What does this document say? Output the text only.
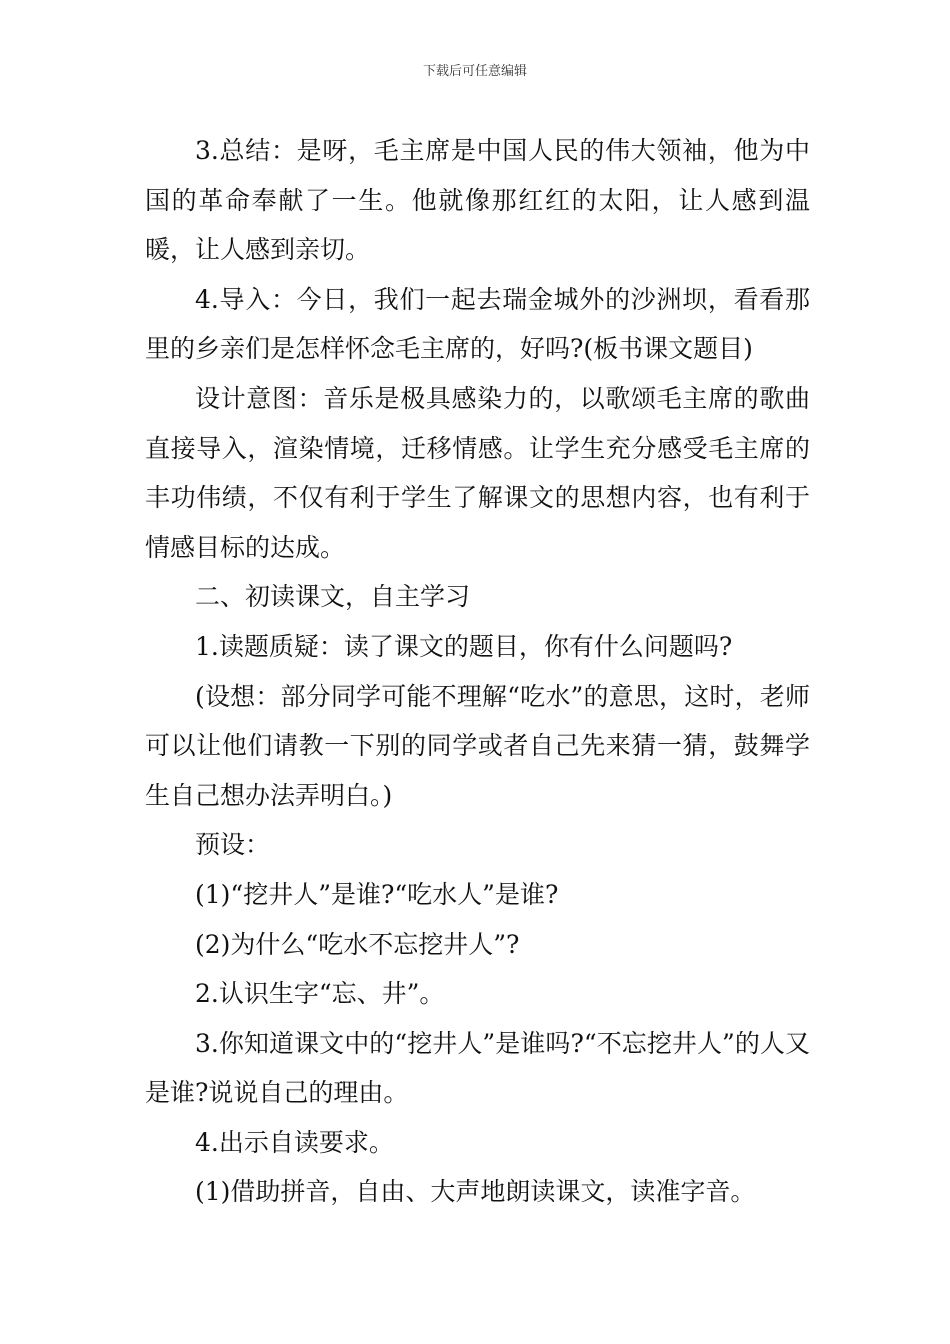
下载后可任意编辑

3.总结：是呀，毛主席是中国人民的伟大领袖，他为中国的革命奉献了一生。他就像那红红的太阳，让人感到温暖，让人感到亲切。

4.导入：今日，我们一起去瑞金城外的沙洲坝，看看那里的乡亲们是怎样怀念毛主席的，好吗?(板书课文题目)

设计意图：音乐是极具感染力的，以歌颂毛主席的歌曲直接导入，渲染情境，迁移情感。让学生充分感受毛主席的丰功伟绩，不仅有利于学生了解课文的思想内容，也有利于情感目标的达成。

二、初读课文，自主学习

1.读题质疑：读了课文的题目，你有什么问题吗?

(设想：部分同学可能不理解“吃水”的意思，这时，老师可以让他们请教一下别的同学或者自己先来猜一猜，鼓舞学生自己想办法弄明白。)

预设：

(1)“挖井人”是谁?“吃水人”是谁?

(2)为什么“吃水不忘挖井人”?

2.认识生字“忘、井”。

3.你知道课文中的“挖井人”是谁吗?“不忘挖井人”的人又是谁?说说自己的理由。

4.出示自读要求。

(1)借助拼音，自由、大声地朗读课文，读准字音。
